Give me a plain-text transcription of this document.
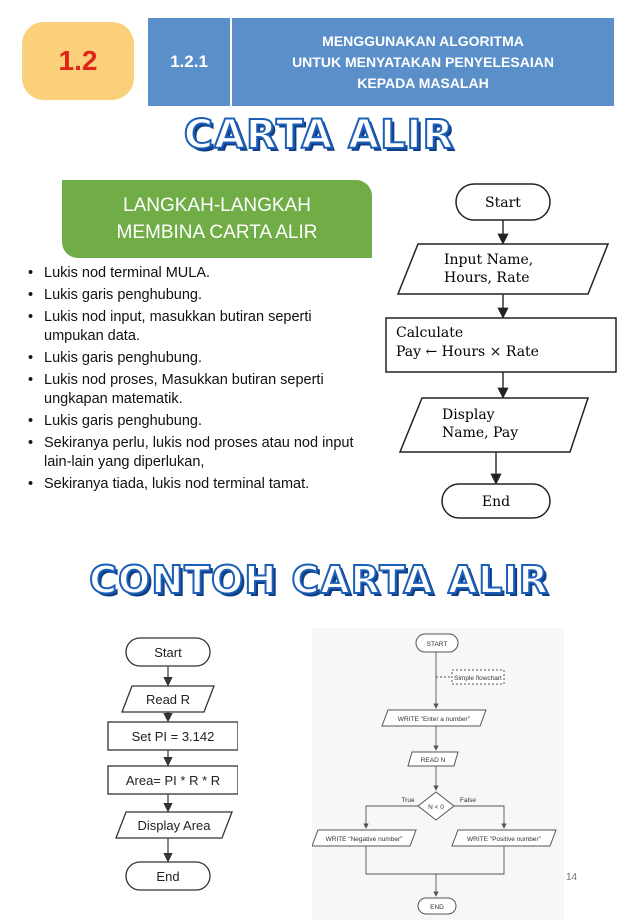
1.2	1.2.1
MENGGUNAKAN ALGORITMA
UNTUK MENYATAKAN PENYELESAIAN
KEPADA MASALAH
CARTA ALIR
LANGKAH-LANGKAH
MEMBINA CARTA ALIR
• Lukis nod terminal MULA.
• Lukis garis penghubung.
• Lukis nod input, masukkan butiran seperti umpukan data.
• Lukis garis penghubung.
• Lukis nod proses, Masukkan butiran seperti ungkapan matematik.
• Lukis garis penghubung.
• Sekiranya perlu, lukis nod proses atau nod input lain-lain yang diperlukan,
• Sekiranya tiada, lukis nod terminal tamat.
Start
Input Name,
Hours, Rate
Calculate
Pay ← Hours × Rate
Display
Name, Pay
End
CONTOH CARTA ALIR
Start
Read R
Set PI = 3.142
Area= PI * R * R
Display Area
End
START
Simple flowchart
WRITE "Enter a number"
READ N
N < 0
True	False
WRITE "Negative number"	WRITE "Positive number"
END
14
